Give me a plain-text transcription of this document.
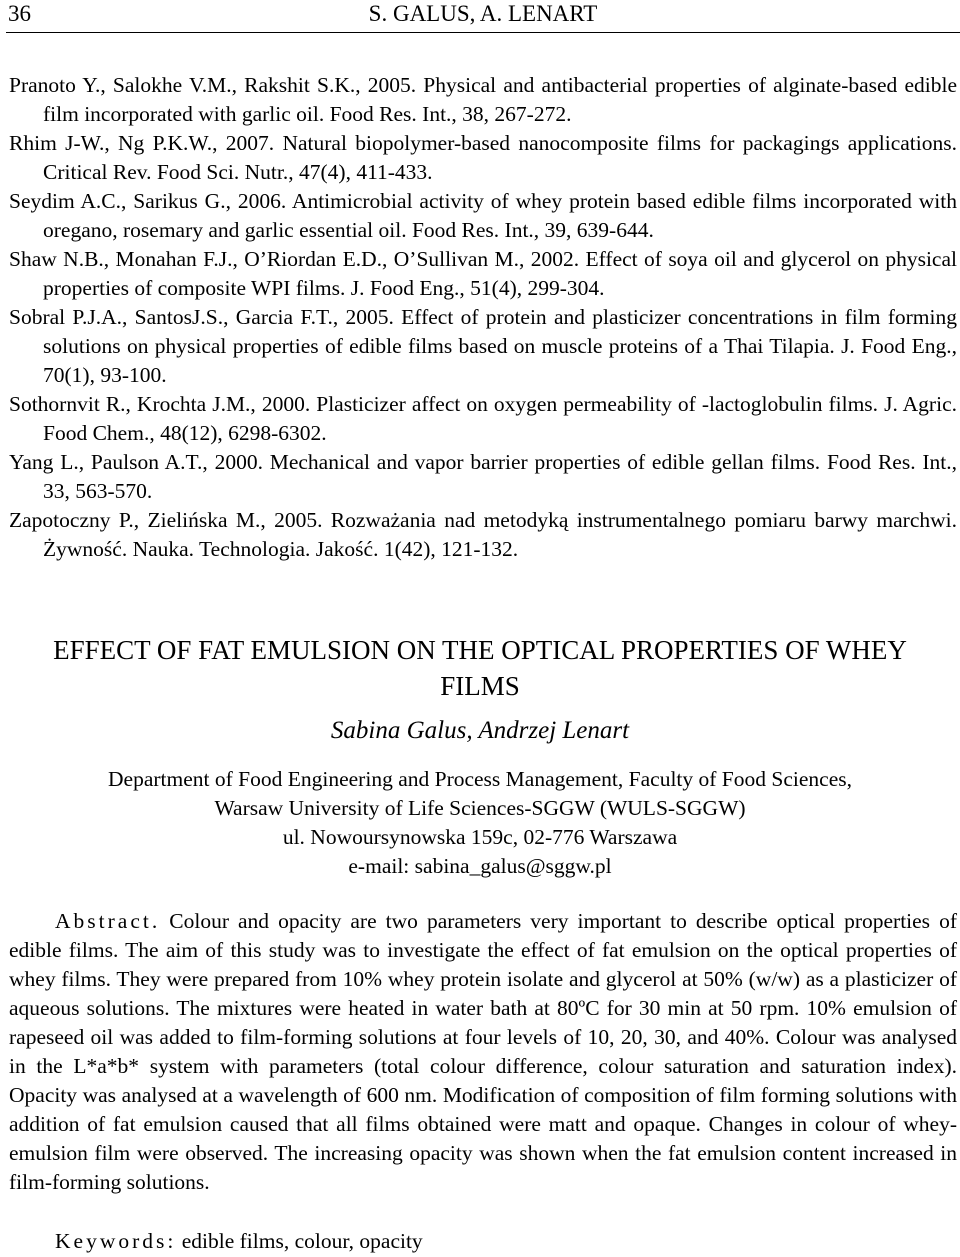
36	S. GALUS, A. LENART

Pranoto Y., Salokhe V.M., Rakshit S.K., 2005. Physical and antibacterial properties of alginate-based edible film incorporated with garlic oil. Food Res. Int., 38, 267-272.

Rhim J-W., Ng P.K.W., 2007. Natural biopolymer-based nanocomposite films for packagings applications. Critical Rev. Food Sci. Nutr., 47(4), 411-433.

Seydim A.C., Sarikus G., 2006. Antimicrobial activity of whey protein based edible films incorporated with oregano, rosemary and garlic essential oil. Food Res. Int., 39, 639-644.

Shaw N.B., Monahan F.J., O’Riordan E.D., O’Sullivan M., 2002. Effect of soya oil and glycerol on physical properties of composite WPI films. J. Food Eng., 51(4), 299-304.

Sobral P.J.A., SantosJ.S., Garcia F.T., 2005. Effect of protein and plasticizer concentrations in film forming solutions on physical properties of edible films based on muscle proteins of a Thai Tilapia. J. Food Eng., 70(1), 93-100.

Sothornvit R., Krochta J.M., 2000. Plasticizer affect on oxygen permeability of -lactoglobulin films. J. Agric. Food Chem., 48(12), 6298-6302.

Yang L., Paulson A.T., 2000. Mechanical and vapor barrier properties of edible gellan films. Food Res. Int., 33, 563-570.

Zapotoczny P., Zielińska M., 2005. Rozważania nad metodyką instrumentalnego pomiaru barwy marchwi. Żywność. Nauka. Technologia. Jakość. 1(42), 121-132.

EFFECT OF FAT EMULSION ON THE OPTICAL PROPERTIES OF WHEY FILMS
Sabina Galus, Andrzej Lenart
Department of Food Engineering and Process Management, Faculty of Food Sciences,
Warsaw University of Life Sciences-SGGW (WULS-SGGW)
ul. Nowoursynowska 159c, 02-776 Warszawa
e-mail: sabina_galus@sggw.pl

Abstract. Colour and opacity are two parameters very important to describe optical properties of edible films. The aim of this study was to investigate the effect of fat emulsion on the optical properties of whey films. They were prepared from 10% whey protein isolate and glycerol at 50% (w/w) as a plasticizer of aqueous solutions. The mixtures were heated in water bath at 80ºC for 30 min at 50 rpm. 10% emulsion of rapeseed oil was added to film-forming solutions at four levels of 10, 20, 30, and 40%. Colour was analysed in the L*a*b* system with parameters (total colour difference, colour saturation and saturation index). Opacity was analysed at a wavelength of 600 nm. Modification of composition of film forming solutions with addition of fat emulsion caused that all films obtained were matt and opaque. Changes in colour of whey-emulsion film were observed. The increasing opacity was shown when the fat emulsion content increased in film-forming solutions.

Keywords: edible films, colour, opacity
